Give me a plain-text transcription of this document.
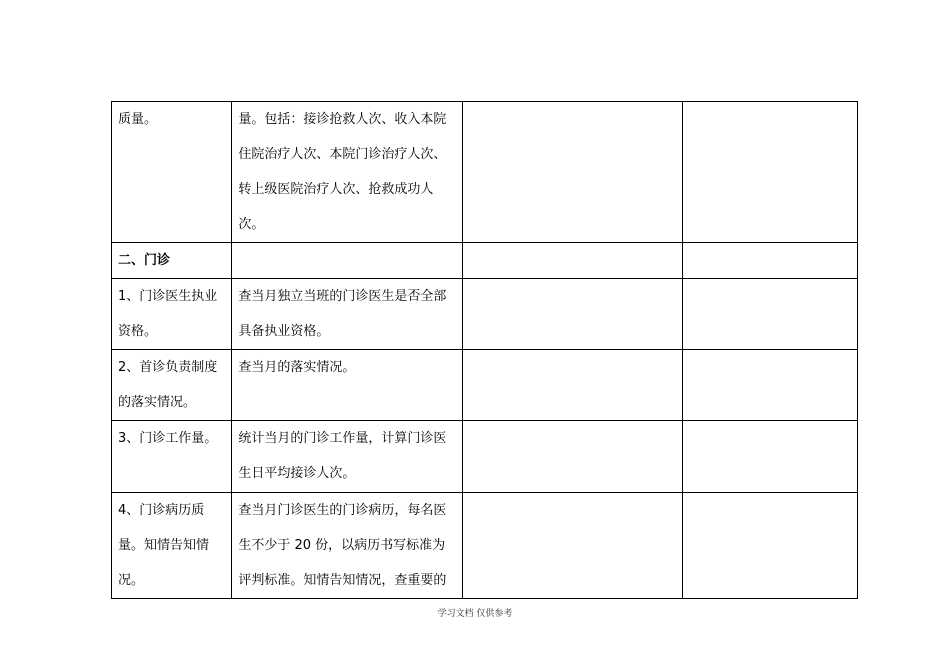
质量。	量。包括：接诊抢救人次、收入本院住院治疗人次、本院门诊治疗人次、转上级医院治疗人次、抢救成功人次。		
二、门诊			
1、门诊医生执业资格。	查当月独立当班的门诊医生是否全部具备执业资格。		
2、首诊负责制度的落实情况。	查当月的落实情况。		
3、门诊工作量。	统计当月的门诊工作量，计算门诊医生日平均接诊人次。		
4、门诊病历质量。知情告知情况。	查当月门诊医生的门诊病历，每名医生不少于 20 份，以病历书写标准为评判标准。知情告知情况，查重要的		
学习文档 仅供参考
